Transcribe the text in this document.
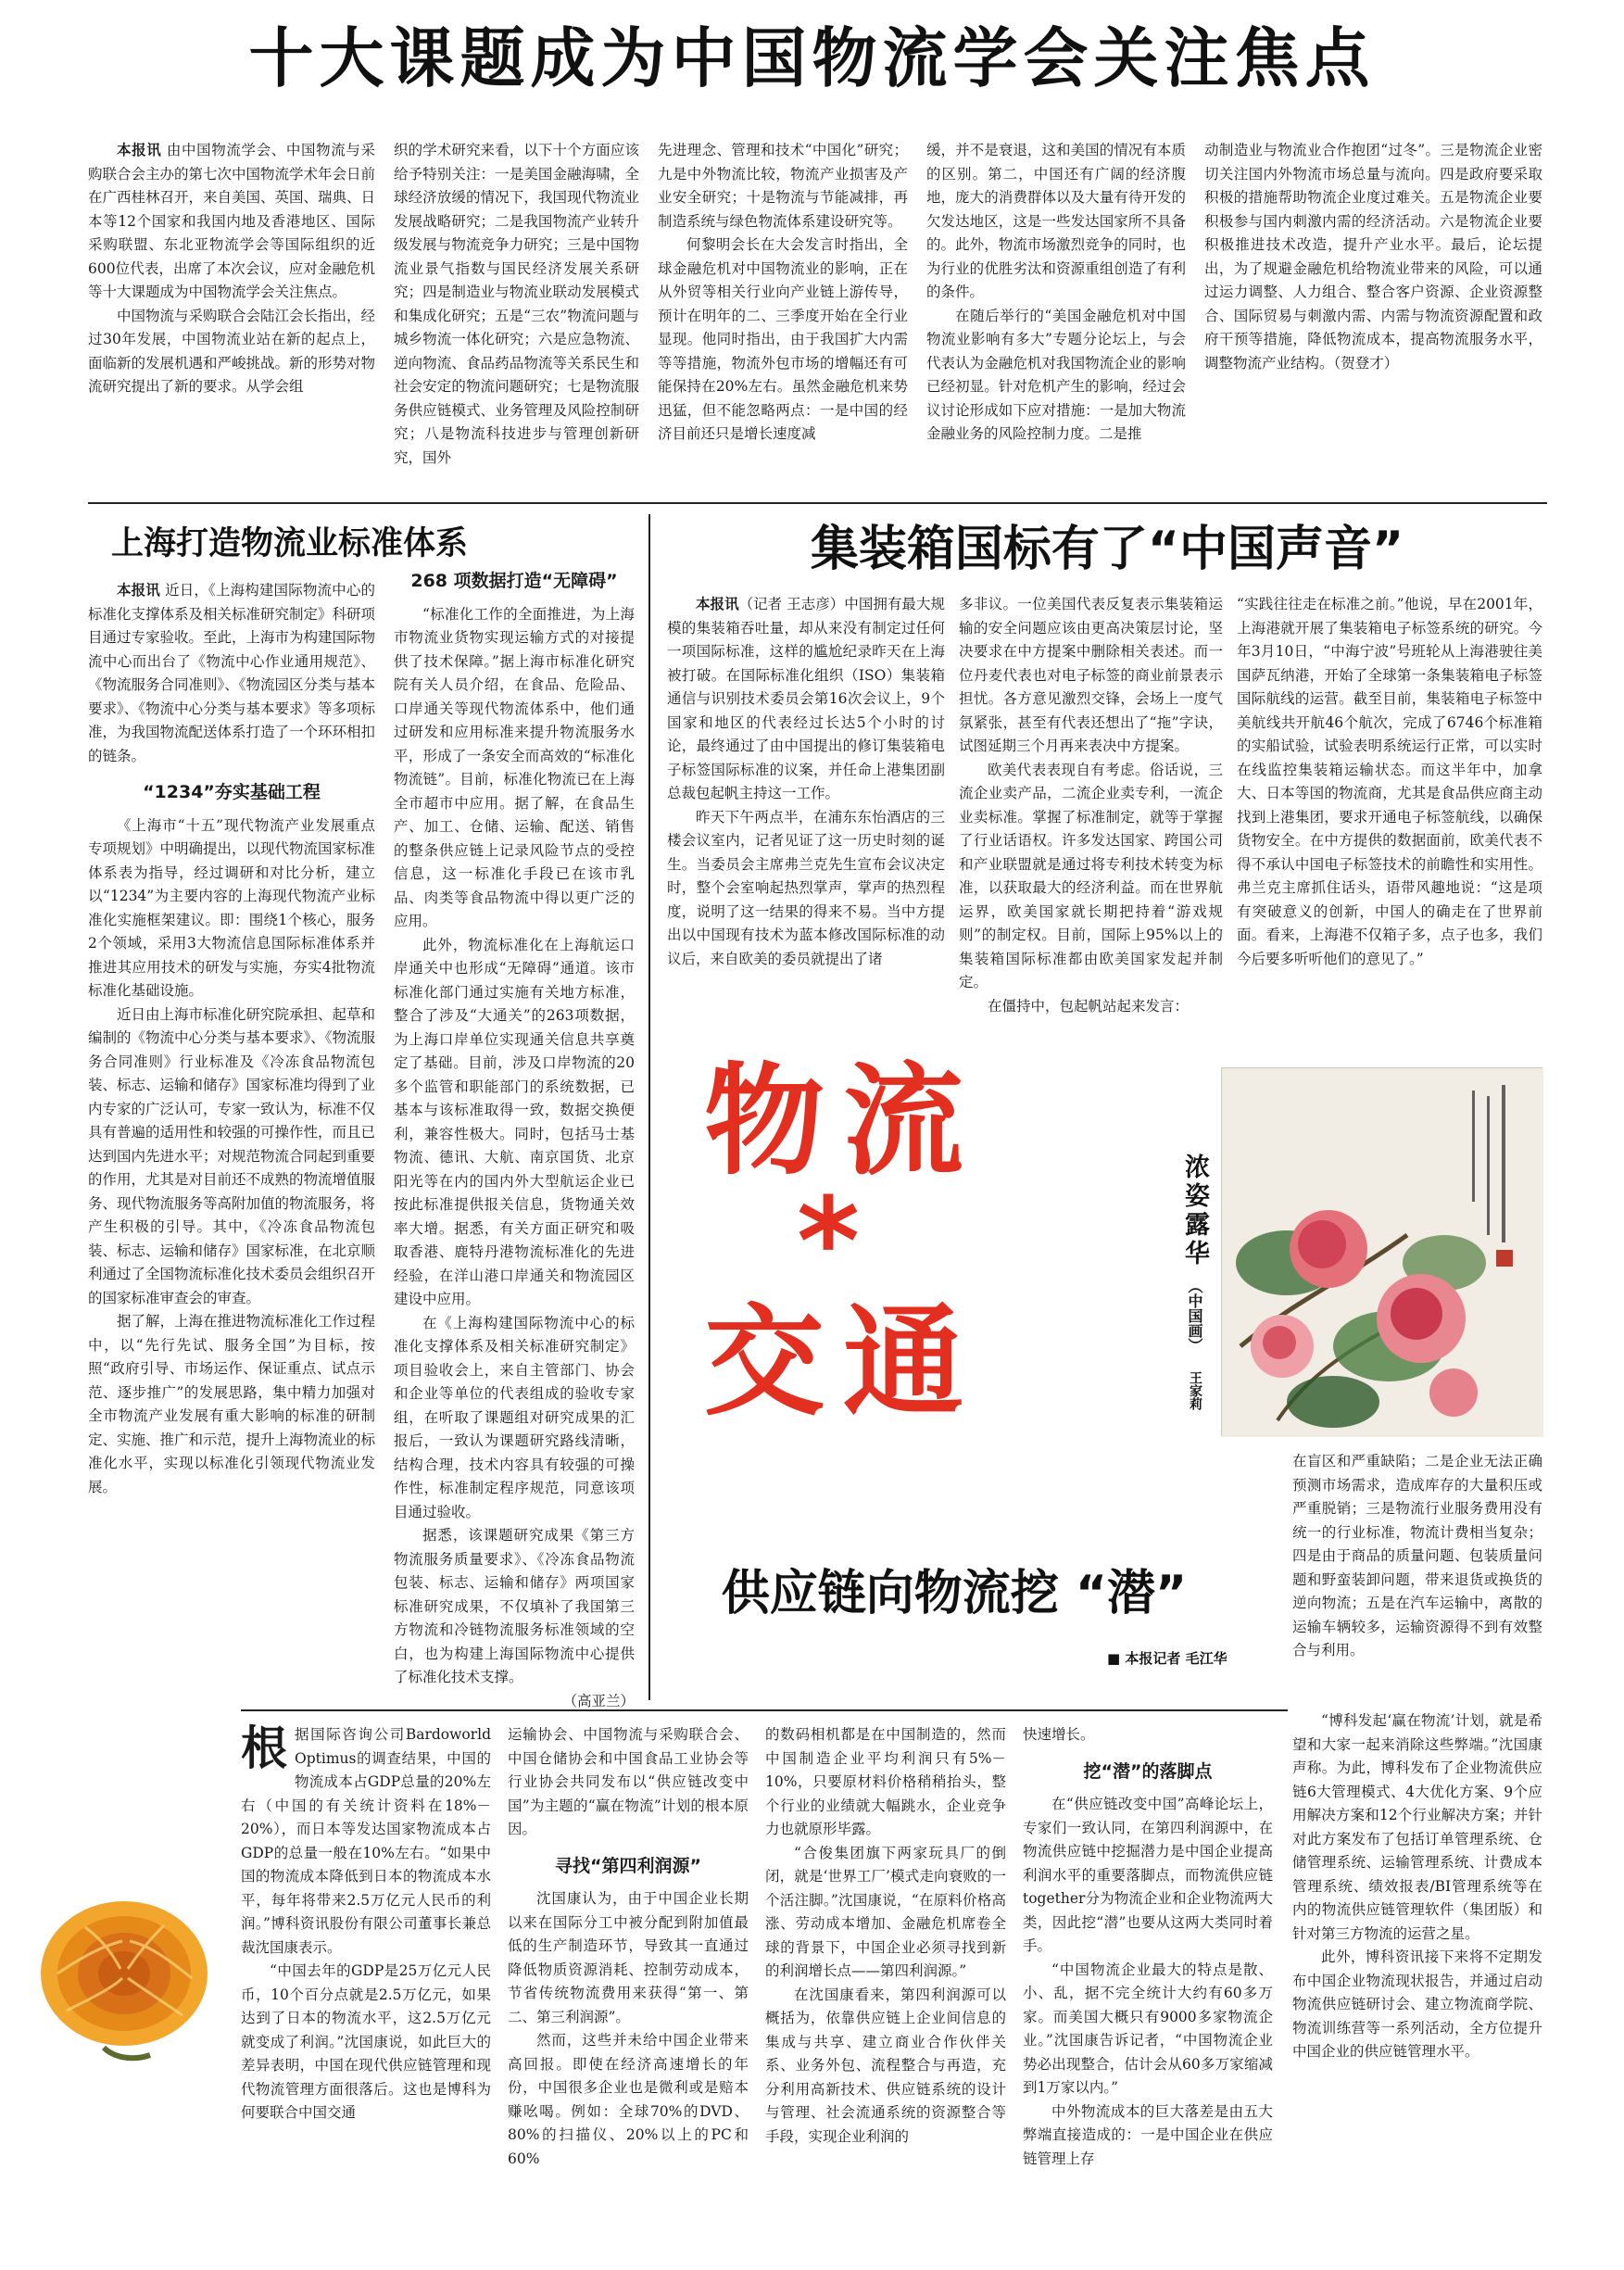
十大课题成为中国物流学会关注焦点

本报讯 由中国物流学会、中国物流与采购联合会主办的第七次中国物流学术年会日前在广西桂林召开，来自美国、英国、瑞典、日本等12个国家和我国内地及香港地区、国际采购联盟、东北亚物流学会等国际组织的近600位代表，出席了本次会议，应对金融危机等十大课题成为中国物流学会关注焦点。

中国物流与采购联合会陆江会长指出，经过30年发展，中国物流业站在新的起点上，面临新的发展机遇和严峻挑战。新的形势对物流研究提出了新的要求。从学会组

织的学术研究来看，以下十个方面应该给予特别关注：一是美国金融海啸，全球经济放缓的情况下，我国现代物流业发展战略研究；二是我国物流产业转升级发展与物流竞争力研究；三是中国物流业景气指数与国民经济发展关系研究；四是制造业与物流业联动发展模式和集成化研究；五是“三农”物流问题与城乡物流一体化研究；六是应急物流、逆向物流、食品药品物流等关系民生和社会安定的物流问题研究；七是物流服务供应链模式、业务管理及风险控制研究；八是物流科技进步与管理创新研究，国外

先进理念、管理和技术“中国化”研究；九是中外物流比较，物流产业损害及产业安全研究；十是物流与节能减排，再制造系统与绿色物流体系建设研究等。

何黎明会长在大会发言时指出，全球金融危机对中国物流业的影响，正在从外贸等相关行业向产业链上游传导，预计在明年的二、三季度开始在全行业显现。他同时指出，由于我国扩大内需等等措施，物流外包市场的增幅还有可能保持在20%左右。虽然金融危机来势迅猛，但不能忽略两点：一是中国的经济目前还只是增长速度减

缓，并不是衰退，这和美国的情况有本质的区别。第二，中国还有广阔的经济腹地，庞大的消费群体以及大量有待开发的欠发达地区，这是一些发达国家所不具备的。此外，物流市场激烈竞争的同时，也为行业的优胜劣汰和资源重组创造了有利的条件。

在随后举行的“美国金融危机对中国物流业影响有多大”专题分论坛上，与会代表认为金融危机对我国物流企业的影响已经初显。针对危机产生的影响，经过会议讨论形成如下应对措施：一是加大物流金融业务的风险控制力度。二是推

动制造业与物流业合作抱团“过冬”。三是物流企业密切关注国内外物流市场总量与流向。四是政府要采取积极的措施帮助物流企业度过难关。五是物流企业要积极参与国内刺激内需的经济活动。六是物流企业要积极推进技术改造，提升产业水平。最后，论坛提出，为了规避金融危机给物流业带来的风险，可以通过运力调整、人力组合、整合客户资源、企业资源整合、国际贸易与刺激内需、内需与物流资源配置和政府干预等措施，降低物流成本，提高物流服务水平，调整物流产业结构。（贺登才）

上海打造物流业标准体系

本报讯 近日，《上海构建国际物流中心的标准化支撑体系及相关标准研究制定》科研项目通过专家验收。至此，上海市为构建国际物流中心而出台了《物流中心作业通用规范》、《物流服务合同准则》、《物流园区分类与基本要求》、《物流中心分类与基本要求》等多项标准，为我国物流配送体系打造了一个环环相扣的链条。

“1234”夯实基础工程

《上海市“十五”现代物流产业发展重点专项规划》中明确提出，以现代物流国家标准体系表为指导，经过调研和对比分析，建立以“1234”为主要内容的上海现代物流产业标准化实施框架建议。即：围绕1个核心，服务2个领域，采用3大物流信息国际标准体系并推进其应用技术的研发与实施，夯实4批物流标准化基础设施。

近日由上海市标准化研究院承担、起草和编制的《物流中心分类与基本要求》、《物流服务合同准则》行业标准及《冷冻食品物流包装、标志、运输和储存》国家标准均得到了业内专家的广泛认可，专家一致认为，标准不仅具有普遍的适用性和较强的可操作性，而且已达到国内先进水平；对规范物流合同起到重要的作用，尤其是对目前还不成熟的物流增值服务、现代物流服务等高附加值的物流服务，将产生积极的引导。其中，《冷冻食品物流包装、标志、运输和储存》国家标准，在北京顺利通过了全国物流标准化技术委员会组织召开的国家标准审查会的审查。

据了解，上海在推进物流标准化工作过程中，以“先行先试、服务全国”为目标，按照“政府引导、市场运作、保证重点、试点示范、逐步推广”的发展思路，集中精力加强对全市物流产业发展有重大影响的标准的研制定、实施、推广和示范，提升上海物流业的标准化水平，实现以标准化引领现代物流业发展。

268 项数据打造“无障碍”

“标准化工作的全面推进，为上海市物流业货物实现运输方式的对接提供了技术保障。”据上海市标准化研究院有关人员介绍，在食品、危险品、口岸通关等现代物流体系中，他们通过研发和应用标准来提升物流服务水平，形成了一条安全而高效的“标准化物流链”。目前，标准化物流已在上海全市超市中应用。据了解，在食品生产、加工、仓储、运输、配送、销售的整条供应链上记录风险节点的受控信息，这一标准化手段已在该市乳品、肉类等食品物流中得以更广泛的应用。

此外，物流标准化在上海航运口岸通关中也形成“无障碍”通道。该市标准化部门通过实施有关地方标准，整合了涉及“大通关”的263项数据，为上海口岸单位实现通关信息共享奠定了基础。目前，涉及口岸物流的20多个监管和职能部门的系统数据，已基本与该标准取得一致，数据交换便利，兼容性极大。同时，包括马士基物流、德讯、大航、南京国货、北京阳光等在内的国内外大型航运企业已按此标准提供报关信息，货物通关效率大增。据悉，有关方面正研究和吸取香港、鹿特丹港物流标准化的先进经验，在洋山港口岸通关和物流园区建设中应用。

在《上海构建国际物流中心的标准化支撑体系及相关标准研究制定》项目验收会上，来自主管部门、协会和企业等单位的代表组成的验收专家组，在听取了课题组对研究成果的汇报后，一致认为课题研究路线清晰，结构合理，技术内容具有较强的可操作性，标准制定程序规范，同意该项目通过验收。

据悉，该课题研究成果《第三方物流服务质量要求》、《冷冻食品物流包装、标志、运输和储存》两项国家标准研究成果，不仅填补了我国第三方物流和冷链物流服务标准领域的空白，也为构建上海国际物流中心提供了标准化技术支撑。

（高亚兰）

集装箱国标有了“中国声音”

本报讯（记者 王志彦）中国拥有最大规模的集装箱吞吐量，却从来没有制定过任何一项国际标准，这样的尴尬纪录昨天在上海被打破。在国际标准化组织（ISO）集装箱通信与识别技术委员会第16次会议上，9个国家和地区的代表经过长达5个小时的讨论，最终通过了由中国提出的修订集装箱电子标签国际标准的议案，并任命上港集团副总裁包起帆主持这一工作。

昨天下午两点半，在浦东东怡酒店的三楼会议室内，记者见证了这一历史时刻的诞生。当委员会主席弗兰克先生宣布会议决定时，整个会室响起热烈掌声，掌声的热烈程度，说明了这一结果的得来不易。当中方提出以中国现有技术为蓝本修改国际标准的动议后，来自欧美的委员就提出了诸

多非议。一位美国代表反复表示集装箱运输的安全问题应该由更高决策层讨论，坚决要求在中方提案中删除相关表述。而一位丹麦代表也对电子标签的商业前景表示担忧。各方意见激烈交锋，会场上一度气氛紧张，甚至有代表还想出了“拖”字诀，试图延期三个月再来表决中方提案。

欧美代表表现自有考虑。俗话说，三流企业卖产品，二流企业卖专利，一流企业卖标准。掌握了标准制定，就等于掌握了行业话语权。许多发达国家、跨国公司和产业联盟就是通过将专利技术转变为标准，以获取最大的经济利益。而在世界航运界，欧美国家就长期把持着“游戏规则”的制定权。目前，国际上95%以上的集装箱国际标准都由欧美国家发起并制定。

在僵持中，包起帆站起来发言：

“实践往往走在标准之前。”他说，早在2001年，上海港就开展了集装箱电子标签系统的研究。今年3月10日，“中海宁波”号班轮从上海港驶往美国萨瓦纳港，开始了全球第一条集装箱电子标签国际航线的运营。截至目前，集装箱电子标签中美航线共开航46个航次，完成了6746个标准箱的实船试验，试验表明系统运行正常，可以实时在线监控集装箱运输状态。而这半年中，加拿大、日本等国的物流商，尤其是食品供应商主动找到上港集团，要求开通电子标签航线，以确保货物安全。在中方提供的数据面前，欧美代表不得不承认中国电子标签技术的前瞻性和实用性。弗兰克主席抓住话头，语带风趣地说：“这是项有突破意义的创新，中国人的确走在了世界前面。看来，上海港不仅箱子多，点子也多，我们今后要多听听他们的意见了。”

物流
*
交通
浓姿露华
（中国画）
王家莉

在盲区和严重缺陷；二是企业无法正确预测市场需求，造成库存的大量积压或严重脱销；三是物流行业服务费用没有统一的行业标准，物流计费相当复杂；四是由于商品的质量问题、包装质量问题和野蛮装卸问题，带来退货或换货的逆向物流；五是在汽车运输中，离散的运输车辆较多，运输资源得不到有效整合与利用。

供应链向物流挖 “潜”
■ 本报记者 毛江华

根据国际咨询公司Bardoworld Optimus的调查结果，中国的物流成本占GDP总量的20%左右（中国的有关统计资料在18%－20%），而日本等发达国家物流成本占GDP的总量一般在10%左右。“如果中国的物流成本降低到日本的物流成本水平，每年将带来2.5万亿元人民币的利润。”博科资讯股份有限公司董事长兼总裁沈国康表示。

“中国去年的GDP是25万亿元人民币，10个百分点就是2.5万亿元，如果达到了日本的物流水平，这2.5万亿元就变成了利润。”沈国康说，如此巨大的差异表明，中国在现代供应链管理和现代物流管理方面很落后。这也是博科为何要联合中国交通

运输协会、中国物流与采购联合会、中国仓储协会和中国食品工业协会等行业协会共同发布以“供应链改变中国”为主题的“赢在物流”计划的根本原因。

寻找“第四利润源”

沈国康认为，由于中国企业长期以来在国际分工中被分配到附加值最低的生产制造环节，导致其一直通过降低物质资源消耗、控制劳动成本，节省传统物流费用来获得“第一、第二、第三利润源”。

然而，这些并未给中国企业带来高回报。即使在经济高速增长的年份，中国很多企业也是微利或是赔本赚吆喝。例如：全球70%的DVD、80%的扫描仪、20%以上的PC和60%

的数码相机都是在中国制造的，然而中国制造企业平均利润只有5%－10%，只要原材料价格稍稍抬头，整个行业的业绩就大幅跳水，企业竞争力也就原形毕露。

“合俊集团旗下两家玩具厂的倒闭，就是‘世界工厂’模式走向衰败的一个活注脚。”沈国康说，“在原料价格高涨、劳动成本增加、金融危机席卷全球的背景下，中国企业必须寻找到新的利润增长点——第四利润源。”

在沈国康看来，第四利润源可以概括为，依靠供应链上企业间信息的集成与共享、建立商业合作伙伴关系、业务外包、流程整合与再造，充分利用高新技术、供应链系统的设计与管理、社会流通系统的资源整合等手段，实现企业利润的

快速增长。

挖“潜”的落脚点

在“供应链改变中国”高峰论坛上，专家们一致认同，在第四利润源中，在物流供应链中挖掘潜力是中国企业提高利润水平的重要落脚点，而物流供应链together分为物流企业和企业物流两大类，因此挖“潜”也要从这两大类同时着手。

“中国物流企业最大的特点是散、小、乱，据不完全统计大约有60多万家。而美国大概只有9000多家物流企业。”沈国康告诉记者，“中国物流企业势必出现整合，估计会从60多万家缩减到1万家以内。”

中外物流成本的巨大落差是由五大弊端直接造成的：一是中国企业在供应链管理上存

“博科发起‘赢在物流’计划，就是希望和大家一起来消除这些弊端。”沈国康声称。为此，博科发布了企业物流供应链6大管理模式、4大优化方案、9个应用解决方案和12个行业解决方案；并针对此方案发布了包括订单管理系统、仓储管理系统、运输管理系统、计费成本管理系统、绩效报表/BI管理系统等在内的物流供应链管理软件（集团版）和针对第三方物流的运营之星。

此外，博科资讯接下来将不定期发布中国企业物流现状报告，并通过启动物流供应链研讨会、建立物流商学院、物流训练营等一系列活动，全方位提升中国企业的供应链管理水平。
